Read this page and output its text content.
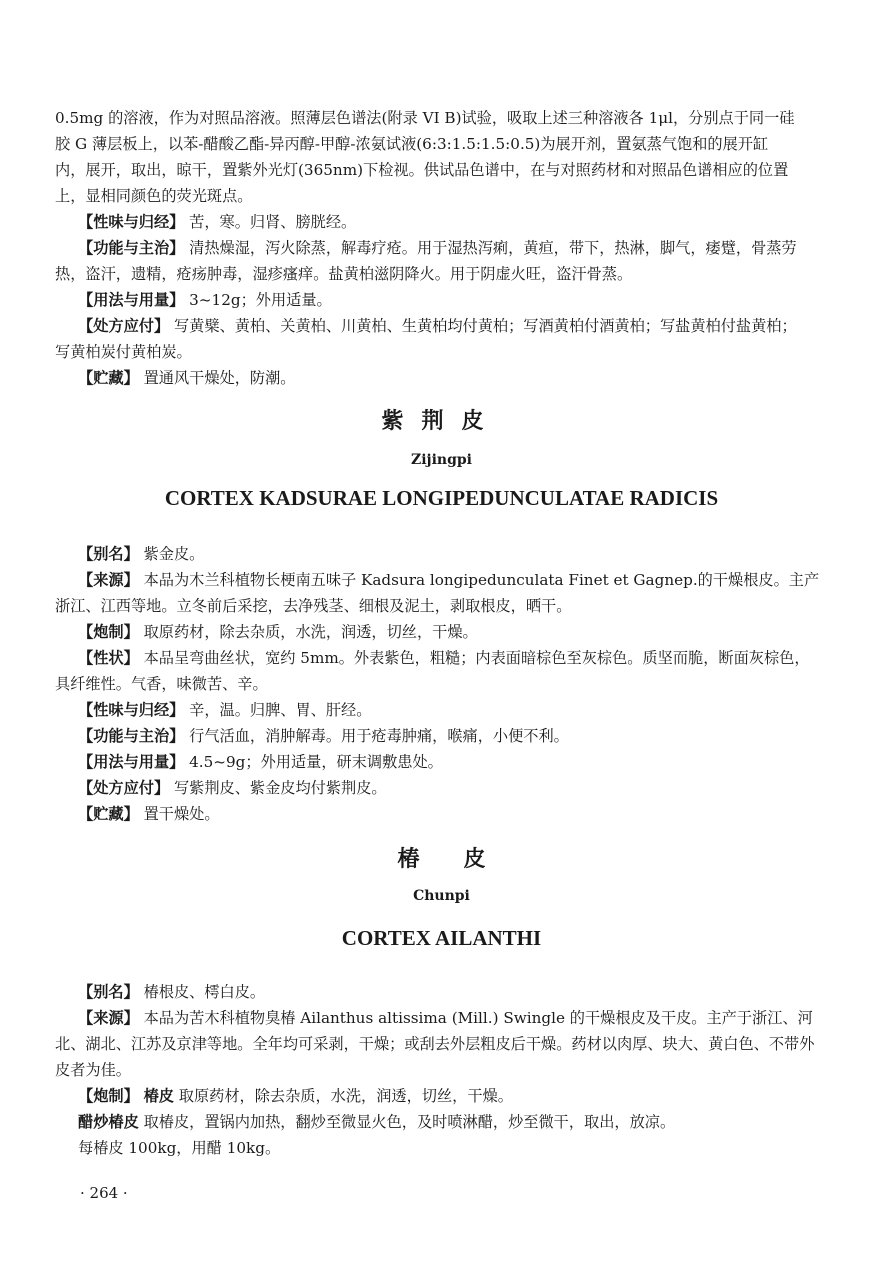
0.5mg 的溶液，作为对照品溶液。照薄层色谱法(附录 VI B)试验，吸取上述三种溶液各 1μl，分别点于同一硅

胶 G 薄层板上，以苯-醋酸乙酯-异丙醇-甲醇-浓氨试液(6:3:1.5:1.5:0.5)为展开剂，置氨蒸气饱和的展开缸

内，展开，取出，晾干，置紫外光灯(365nm)下检视。供试品色谱中，在与对照药材和对照品色谱相应的位置

上，显相同颜色的荧光斑点。

【性味与归经】 苦，寒。归肾、膀胱经。

【功能与主治】 清热燥湿，泻火除蒸，解毒疗疮。用于湿热泻痢，黄疸，带下，热淋，脚气，痿躄，骨蒸劳

热，盗汗，遗精，疮疡肿毒，湿疹瘙痒。盐黄柏滋阴降火。用于阴虚火旺，盗汗骨蒸。

【用法与用量】 3~12g；外用适量。

【处方应付】 写黄檗、黄柏、关黄柏、川黄柏、生黄柏均付黄柏；写酒黄柏付酒黄柏；写盐黄柏付盐黄柏；

写黄柏炭付黄柏炭。

【贮藏】 置通风干燥处，防潮。

紫荆皮
Zijingpi
CORTEX KADSURAE LONGIPEDUNCULATAE RADICIS

【别名】 紫金皮。

【来源】 本品为木兰科植物长梗南五味子 Kadsura longipedunculata Finet et Gagnep.的干燥根皮。主产

浙江、江西等地。立冬前后采挖，去净残茎、细根及泥土，剥取根皮，晒干。

【炮制】 取原药材，除去杂质，水洗，润透，切丝，干燥。

【性状】 本品呈弯曲丝状，宽约 5mm。外表紫色，粗糙；内表面暗棕色至灰棕色。质坚而脆，断面灰棕色，

具纤维性。气香，味微苦、辛。

【性味与归经】 辛，温。归脾、胃、肝经。

【功能与主治】 行气活血，消肿解毒。用于疮毒肿痛，喉痛，小便不利。

【用法与用量】 4.5~9g；外用适量，研末调敷患处。

【处方应付】 写紫荆皮、紫金皮均付紫荆皮。

【贮藏】 置干燥处。

椿皮
Chunpi
CORTEX AILANTHI

【别名】 椿根皮、樗白皮。

【来源】 本品为苦木科植物臭椿 Ailanthus altissima (Mill.) Swingle 的干燥根皮及干皮。主产于浙江、河

北、湖北、江苏及京津等地。全年均可采剥，干燥；或刮去外层粗皮后干燥。药材以肉厚、块大、黄白色、不带外

皮者为佳。

【炮制】 椿皮 取原药材，除去杂质，水洗，润透，切丝，干燥。

醋炒椿皮 取椿皮，置锅内加热，翻炒至微显火色，及时喷淋醋，炒至微干，取出，放凉。

每椿皮 100kg，用醋 10kg。

· 264 ·
